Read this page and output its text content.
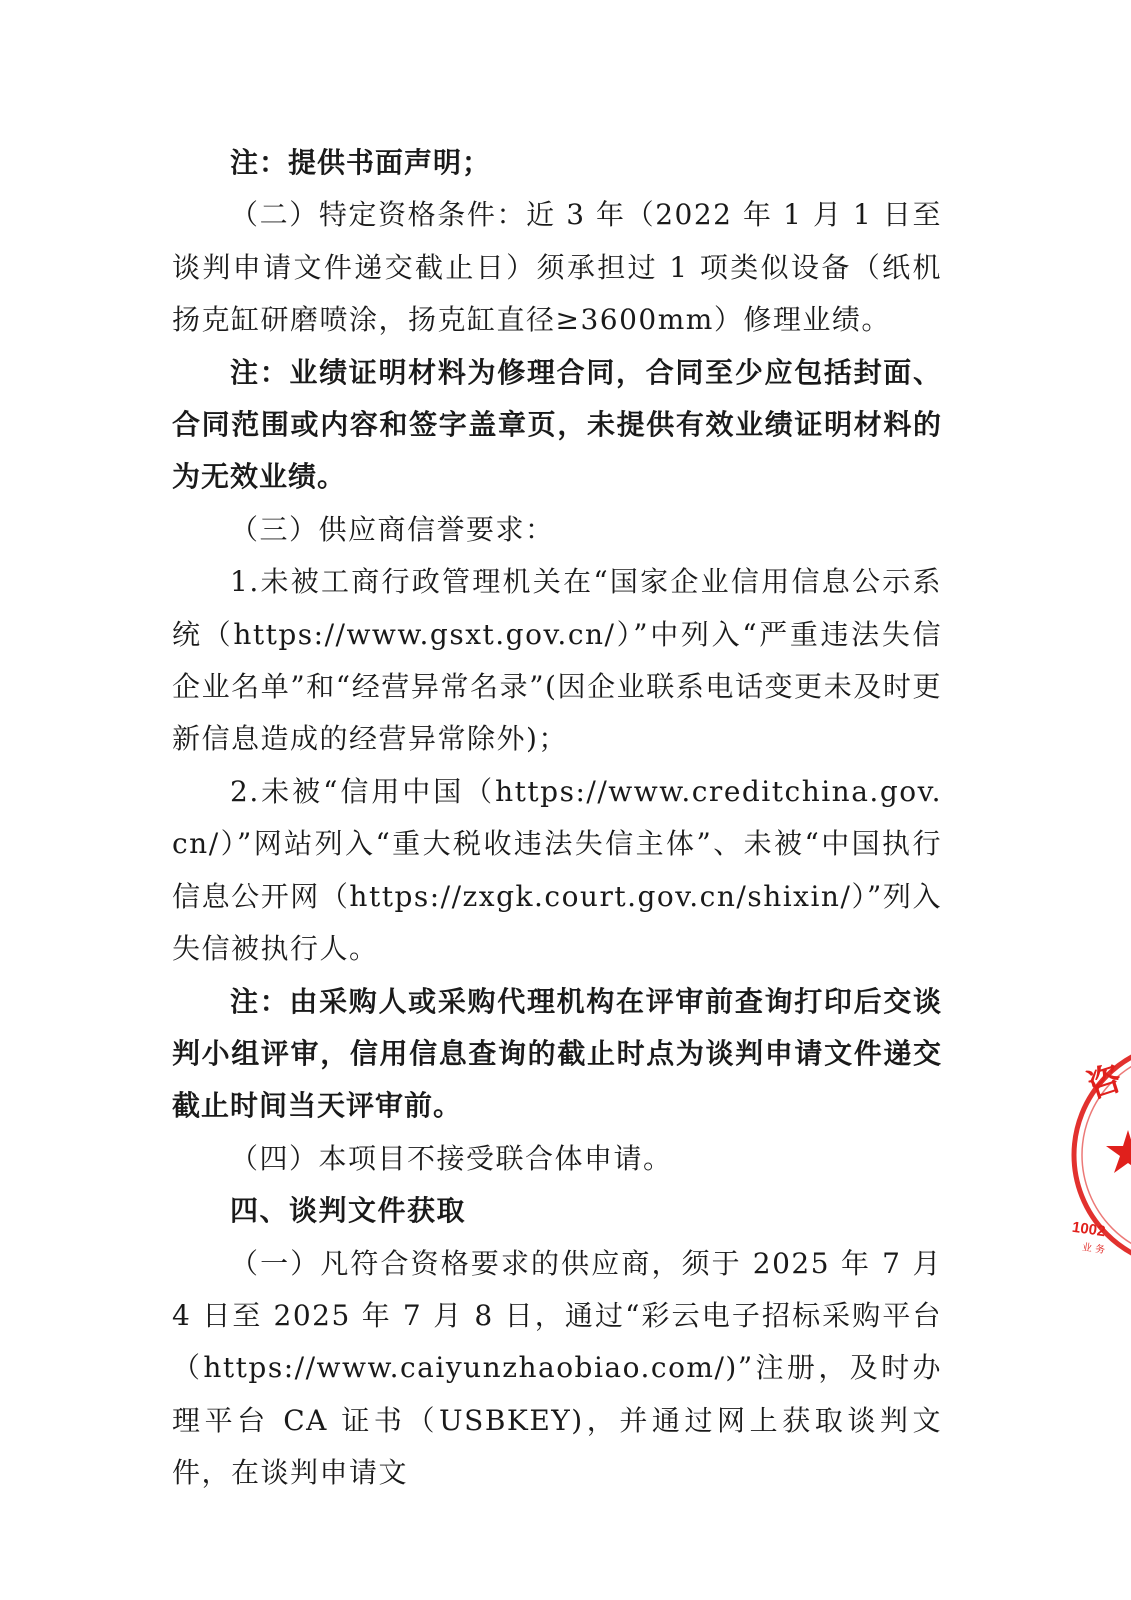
注：提供书面声明；

（二）特定资格条件：近 3 年（2022 年 1 月 1 日至谈判申请文件递交截止日）须承担过 1 项类似设备（纸机扬克缸研磨喷涂，扬克缸直径≥3600mm）修理业绩。

注：业绩证明材料为修理合同，合同至少应包括封面、合同范围或内容和签字盖章页，未提供有效业绩证明材料的为无效业绩。

（三）供应商信誉要求：

1.未被工商行政管理机关在“国家企业信用信息公示系统（https://www.gsxt.gov.cn/）”中列入“严重违法失信企业名单”和“经营异常名录”(因企业联系电话变更未及时更新信息造成的经营异常除外)；

2.未被“信用中国（https://www.creditchina.gov.cn/）”网站列入“重大税收违法失信主体”、未被“中国执行信息公开网（https://zxgk.court.gov.cn/shixin/）”列入失信被执行人。

注：由采购人或采购代理机构在评审前查询打印后交谈判小组评审，信用信息查询的截止时点为谈判申请文件递交截止时间当天评审前。

（四）本项目不接受联合体申请。

四、谈判文件获取

（一）凡符合资格要求的供应商，须于 2025 年 7 月 4 日至 2025 年 7 月 8 日，通过“彩云电子招标采购平台（https://www.caiyunzhaobiao.com/)”注册，及时办理平台 CA 证书（USBKEY)，并通过网上获取谈判文件，在谈判申请文

咨
1002
业 务
